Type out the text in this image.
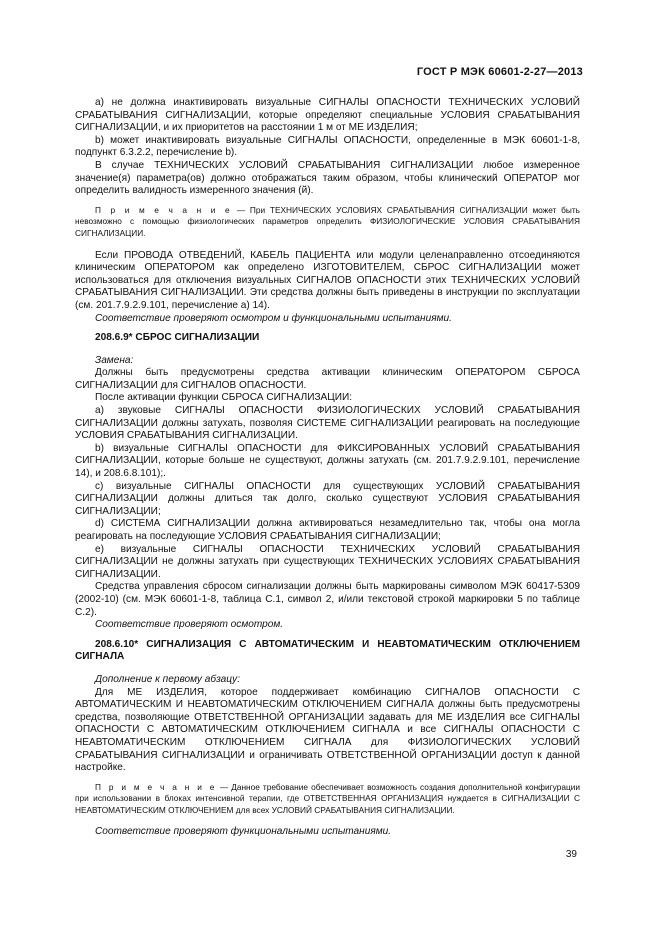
ГОСТ Р МЭК 60601-2-27—2013

a) не должна инактивировать визуальные СИГНАЛЫ ОПАСНОСТИ ТЕХНИЧЕСКИХ УСЛОВИЙ СРАБАТЫВАНИЯ СИГНАЛИЗАЦИИ, которые определяют специальные УСЛОВИЯ СРАБАТЫВАНИЯ СИГНАЛИЗАЦИИ, и их приоритетов на расстоянии 1 м от МЕ ИЗДЕЛИЯ;

b) может инактивировать визуальные СИГНАЛЫ ОПАСНОСТИ, определенные в МЭК 60601-1-8, подпункт 6.3.2.2, перечисление b).

В случае ТЕХНИЧЕСКИХ УСЛОВИЙ СРАБАТЫВАНИЯ СИГНАЛИЗАЦИИ любое измеренное значение(я) параметра(ов) должно отображаться таким образом, чтобы клинический ОПЕРАТОР мог определить валидность измеренного значения (й).

П р и м е ч а н и е — При ТЕХНИЧЕСКИХ УСЛОВИЯХ СРАБАТЫВАНИЯ СИГНАЛИЗАЦИИ может быть невозможно с помощью физиологических параметров определить ФИЗИОЛОГИЧЕСКИЕ УСЛОВИЯ СРАБАТЫВАНИЯ СИГНАЛИЗАЦИИ.

Если ПРОВОДА ОТВЕДЕНИЙ, КАБЕЛЬ ПАЦИЕНТА или модули целенаправленно отсоединяются клиническим ОПЕРАТОРОМ как определено ИЗГОТОВИТЕЛЕМ, СБРОС СИГНАЛИЗАЦИИ может использоваться для отключения визуальных СИГНАЛОВ ОПАСНОСТИ этих ТЕХНИЧЕСКИХ УСЛОВИЙ СРАБАТЫВАНИЯ СИГНАЛИЗАЦИИ. Эти средства должны быть приведены в инструкции по эксплуатации (см. 201.7.9.2.9.101, перечисление a) 14).

Соответствие проверяют осмотром и функциональными испытаниями.

208.6.9* СБРОС СИГНАЛИЗАЦИИ

Замена:

Должны быть предусмотрены средства активации клиническим ОПЕРАТОРОМ СБРОСА СИГНАЛИЗАЦИИ для СИГНАЛОВ ОПАСНОСТИ.

После активации функции СБРОСА СИГНАЛИЗАЦИИ:

a) звуковые СИГНАЛЫ ОПАСНОСТИ ФИЗИОЛОГИЧЕСКИХ УСЛОВИЙ СРАБАТЫВАНИЯ СИГНАЛИЗАЦИИ должны затухать, позволяя СИСТЕМЕ СИГНАЛИЗАЦИИ реагировать на последующие УСЛОВИЯ СРАБАТЫВАНИЯ СИГНАЛИЗАЦИИ.

b) визуальные СИГНАЛЫ ОПАСНОСТИ для ФИКСИРОВАННЫХ УСЛОВИЙ СРАБАТЫВАНИЯ СИГНАЛИЗАЦИИ, которые больше не существуют, должны затухать (см. 201.7.9.2.9.101, перечисление 14), и 208.6.8.101);.

c) визуальные СИГНАЛЫ ОПАСНОСТИ для существующих УСЛОВИЙ СРАБАТЫВАНИЯ СИГНАЛИЗАЦИИ должны длиться так долго, сколько существуют УСЛОВИЯ СРАБАТЫВАНИЯ СИГНАЛИЗАЦИИ;

d) СИСТЕМА СИГНАЛИЗАЦИИ должна активироваться незамедлительно так, чтобы она могла реагировать на последующие УСЛОВИЯ СРАБАТЫВАНИЯ СИГНАЛИЗАЦИИ;

e) визуальные СИГНАЛЫ ОПАСНОСТИ ТЕХНИЧЕСКИХ УСЛОВИЙ СРАБАТЫВАНИЯ СИГНАЛИЗАЦИИ не должны затухать при существующих ТЕХНИЧЕСКИХ УСЛОВИЯХ СРАБАТЫВАНИЯ СИГНАЛИЗАЦИИ.

Средства управления сбросом сигнализации должны быть маркированы символом МЭК 60417-5309 (2002-10) (см. МЭК 60601-1-8, таблица С.1, символ 2, и/или текстовой строкой маркировки 5 по таблице С.2).

Соответствие проверяют осмотром.

208.6.10* СИГНАЛИЗАЦИЯ С АВТОМАТИЧЕСКИМ И НЕАВТОМАТИЧЕСКИМ ОТКЛЮЧЕНИЕМ СИГНАЛА

Дополнение к первому абзацу:

Для МЕ ИЗДЕЛИЯ, которое поддерживает комбинацию СИГНАЛОВ ОПАСНОСТИ С АВТОМАТИЧЕСКИМ И НЕАВТОМАТИЧЕСКИМ ОТКЛЮЧЕНИЕМ СИГНАЛА должны быть предусмотрены средства, позволяющие ОТВЕТСТВЕННОЙ ОРГАНИЗАЦИИ задавать для МЕ ИЗДЕЛИЯ все СИГНАЛЫ ОПАСНОСТИ С АВТОМАТИЧЕСКИМ ОТКЛЮЧЕНИЕМ СИГНАЛА и все СИГНАЛЫ ОПАСНОСТИ С НЕАВТОМАТИЧЕСКИМ ОТКЛЮЧЕНИЕМ СИГНАЛА для ФИЗИОЛОГИЧЕСКИХ УСЛОВИЙ СРАБАТЫВАНИЯ СИГНАЛИЗАЦИИ и ограничивать ОТВЕТСТВЕННОЙ ОРГАНИЗАЦИИ доступ к данной настройке.

П р и м е ч а н и е — Данное требование обеспечивает возможность создания дополнительной конфигурации при использовании в блоках интенсивной терапии, где ОТВЕТСТВЕННАЯ ОРГАНИЗАЦИЯ нуждается в СИГНАЛИЗАЦИИ С НЕАВТОМАТИЧЕСКИМ ОТКЛЮЧЕНИЕМ для всех УСЛОВИЙ СРАБАТЫВАНИЯ СИГНАЛИЗАЦИИ.

Соответствие проверяют функциональными испытаниями.

39
